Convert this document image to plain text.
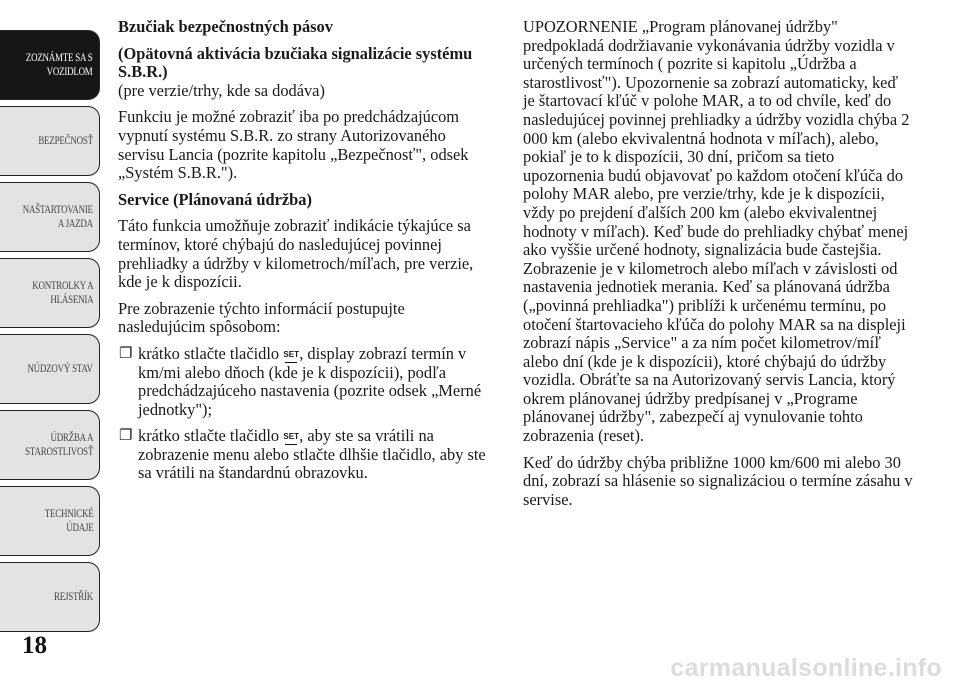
ZOZNÁMTE SA S
VOZIDLOM
BEZPEČNOSŤ
NAŠTARTOVANIE
A JAZDA
KONTROLKY A
HLÁSENIA
NÚDZOVÝ STAV
ÚDRŽBA A
STAROSTLIVOSŤ
TECHNICKÉ
ÚDAJE
REJSTŘÍK
18

Bzučiak bezpečnostných pásov

(Opätovná aktivácia bzučiaka signalizácie systému S.B.R.)

(pre verzie/trhy, kde sa dodáva)

Funkciu je možné zobraziť iba po predchádzajúcom vypnutí systému S.B.R. zo strany Autorizovaného servisu Lancia (pozrite kapitolu „Bezpečnosť", odsek „Systém S.B.R.").

Service (Plánovaná údržba)

Táto funkcia umožňuje zobraziť indikácie týkajúce sa termínov, ktoré chýbajú do nasledujúcej povinnej prehliadky a údržby v kilometroch/míľach, pre verzie, kde je k dispozícii.

Pre zobrazenie týchto informácií postupujte nasledujúcim spôsobom:

❐ krátko stlačte tlačidlo SET
, display zobrazí termín v km/mi alebo dňoch (kde je k dispozícii), podľa predchádzajúceho nastavenia (pozrite odsek „Merné jednotky");
❐ krátko stlačte tlačidlo SET
, aby ste sa vrátili na zobrazenie menu alebo stlačte dlhšie tlačidlo, aby ste sa vrátili na štandardnú obrazovku.

UPOZORNENIE „Program plánovanej údržby" predpokladá dodržiavanie vykonávania údržby vozidla v určených termínoch ( pozrite si kapitolu „Údržba a starostlivosť"). Upozornenie sa zobrazí automaticky, keď je štartovací kľúč v polohe MAR, a to od chvíle, keď do nasledujúcej povinnej prehliadky a údržby vozidla chýba 2 000 km (alebo ekvivalentná hodnota v míľach), alebo, pokiaľ je to k dispozícii, 30 dní, pričom sa tieto upozornenia budú objavovať po každom otočení kľúča do polohy MAR alebo, pre verzie/trhy, kde je k dispozícii, vždy po prejdení ďalších 200 km (alebo ekvivalentnej hodnoty v míľach). Keď bude do prehliadky chýbať menej ako vyššie určené hodnoty, signalizácia bude častejšia. Zobrazenie je v kilometroch alebo míľach v závislosti od nastavenia jednotiek merania. Keď sa plánovaná údržba („povinná prehliadka") priblíži k určenému termínu, po otočení štartovacieho kľúča do polohy MAR sa na displeji zobrazí nápis „Service" a za ním počet kilometrov/míľ alebo dní (kde je k dispozícii), ktoré chýbajú do údržby vozidla. Obráťte sa na Autorizovaný servis Lancia, ktorý okrem plánovanej údržby predpísanej v „Programe plánovanej údržby", zabezpečí aj vynulovanie tohto zobrazenia (reset).

Keď do údržby chýba približne 1000 km/600 mi alebo 30 dní, zobrazí sa hlásenie so signalizáciou o termíne zásahu v servise.

carmanualsonline.info
